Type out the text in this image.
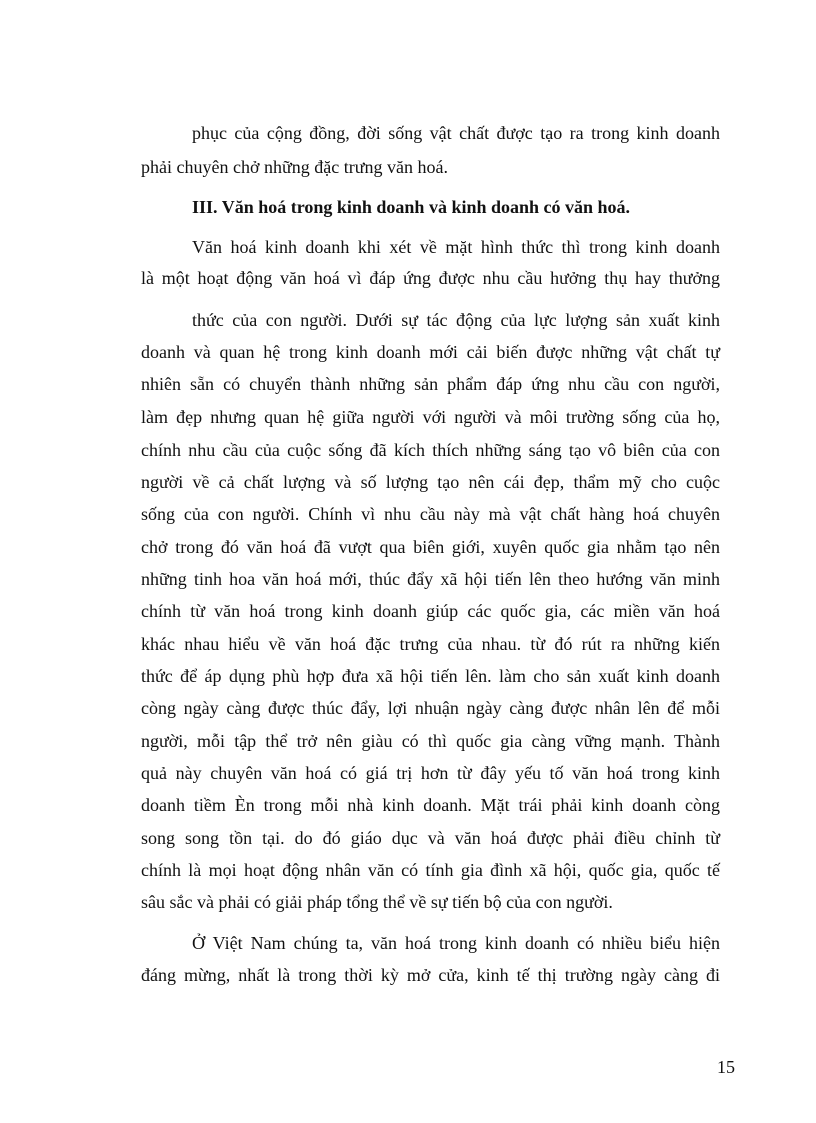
phục của cộng đồng, đời sống vật chất được tạo ra trong kinh doanh
phải chuyên chở những đặc trưng văn hoá.
III. Văn hoá trong kinh doanh và kinh doanh có văn hoá.
Văn hoá kinh doanh khi xét về mặt hình thức thì trong kinh doanh
là một hoạt động văn hoá vì đáp ứng được nhu cầu hưởng thụ hay thưởng
thức của con người. Dưới sự tác động của lực lượng sản xuất kinh
doanh và quan hệ trong kinh doanh mới cải biến được những vật chất tự
nhiên sẵn có chuyển thành những sản phẩm đáp ứng nhu cầu con người,
làm đẹp nhưng quan hệ giữa người với người và môi trường sống của họ,
chính nhu cầu của cuộc sống đã kích thích những sáng tạo vô biên của con
người về cả chất lượng và số lượng tạo nên cái đẹp, thẩm mỹ cho cuộc
sống của con người. Chính vì nhu cầu này mà vật chất hàng hoá chuyên
chở trong đó văn hoá đã vượt qua biên giới, xuyên quốc gia nhằm tạo nên
những tinh hoa văn hoá mới, thúc đẩy xã hội tiến lên theo hướng văn minh
chính từ văn hoá trong kinh doanh giúp các quốc gia, các miền văn hoá
khác nhau hiểu về văn hoá đặc trưng của nhau. từ đó rút ra những kiến
thức để áp dụng phù hợp đưa xã hội tiến lên. làm cho sản xuất kinh doanh
còng ngày càng được thúc đẩy, lợi nhuận ngày càng được nhân lên để mỗi
người, mỗi tập thể trở nên giàu có thì quốc gia càng vững mạnh. Thành
quả này chuyên văn hoá có giá trị hơn từ đây yếu tố văn hoá trong kinh
doanh tiềm Èn trong mỗi nhà kinh doanh. Mặt trái phải kinh doanh còng
song song tồn tại. do đó giáo dục và văn hoá được phải điều chỉnh từ
chính là mọi hoạt động nhân văn có tính gia đình xã hội, quốc gia, quốc tế
sâu sắc và phải có giải pháp tổng thể về sự tiến bộ của con người.
Ở Việt Nam chúng ta, văn hoá trong kinh doanh có nhiều biểu hiện
đáng mừng, nhất là trong thời kỳ mở cửa, kinh tế thị trường ngày càng đi
15
